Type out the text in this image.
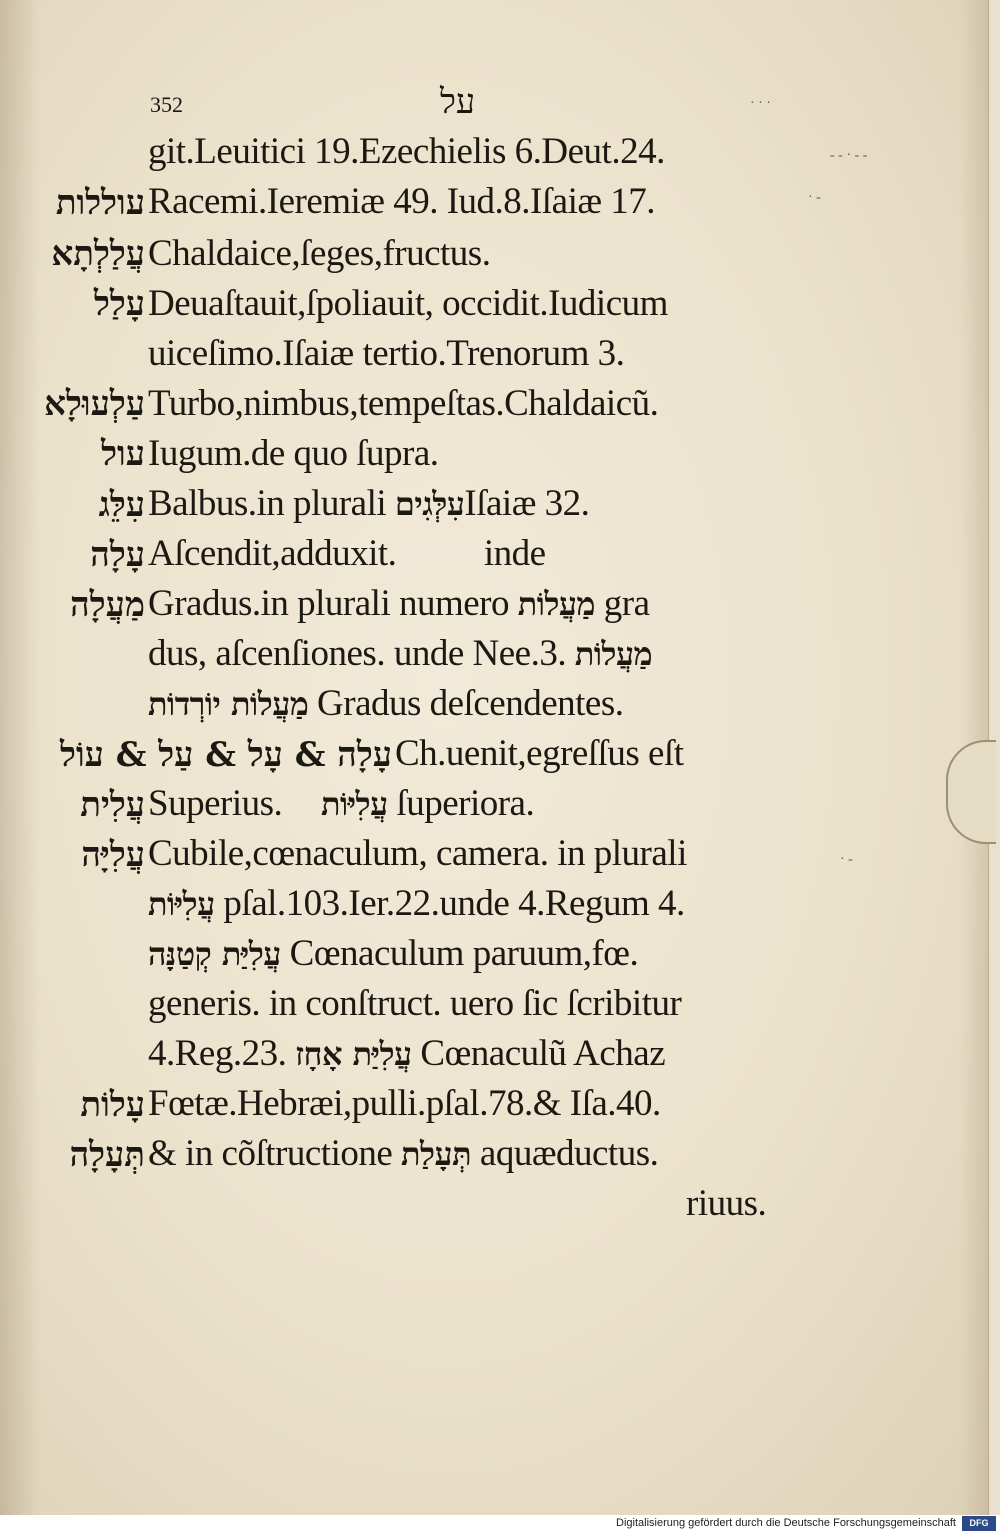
· · ·
- - · - -
· -
· -
352	על
git.Leuitici 19.Ezechielis 6.Deut.24.
עוללות Racemi.Ieremiæ 49. Iud.8.Iſaiæ 17.
עֲלַלְתָא Chaldaice,ſeges,fructus.
עָלַל Deuaſtauit,ſpoliauit, occidit.Iudicum
uiceſimo.Iſaiæ tertio.Trenorum 3.
עַלְעוּלָא Turbo,nimbus,tempeſtas.Chaldaicũ.
עול Iugum.de quo ſupra.
עִלֵּג Balbus.in plurali עִלְּגִיםIſaiæ 32.
עָלָה Aſcendit,adduxit.          inde
מַעֲלָה Gradus.in plurali numero מַעֲלוֹת gra
dus, aſcenſiones. unde Nee.3. מַעֲלוֹת
מַעֲלוֹת יוֹרְדוֹת Gradus deſcendentes.
עָלָה & עָל & עַל & עוֹל Ch.uenit,egreſſus eſt
עֲלִית Superius. עֲלִיּוֹת ſuperiora.
עֲלִיָּה Cubile,cœnaculum, camera. in plurali
עֲלִיּוֹת pſal.103.Ier.22.unde 4.Regum 4.
עֲלִיַּת קְטַנָּה Cœnaculum paruum,fœ.
generis. in conſtruct. uero ſic ſcribitur
4.Reg.23. עֲלִיַּת אָחָז Cœnaculũ Achaz
עָלוֹת Fœtæ.Hebræi,pulli.pſal.78.& Iſa.40.
תְּעָלָה & in cõſtructione תְּעָלַת aquæductus.
riuus.
Digitalisierung gefördert durch die Deutsche Forschungsgemeinschaft	DFG
